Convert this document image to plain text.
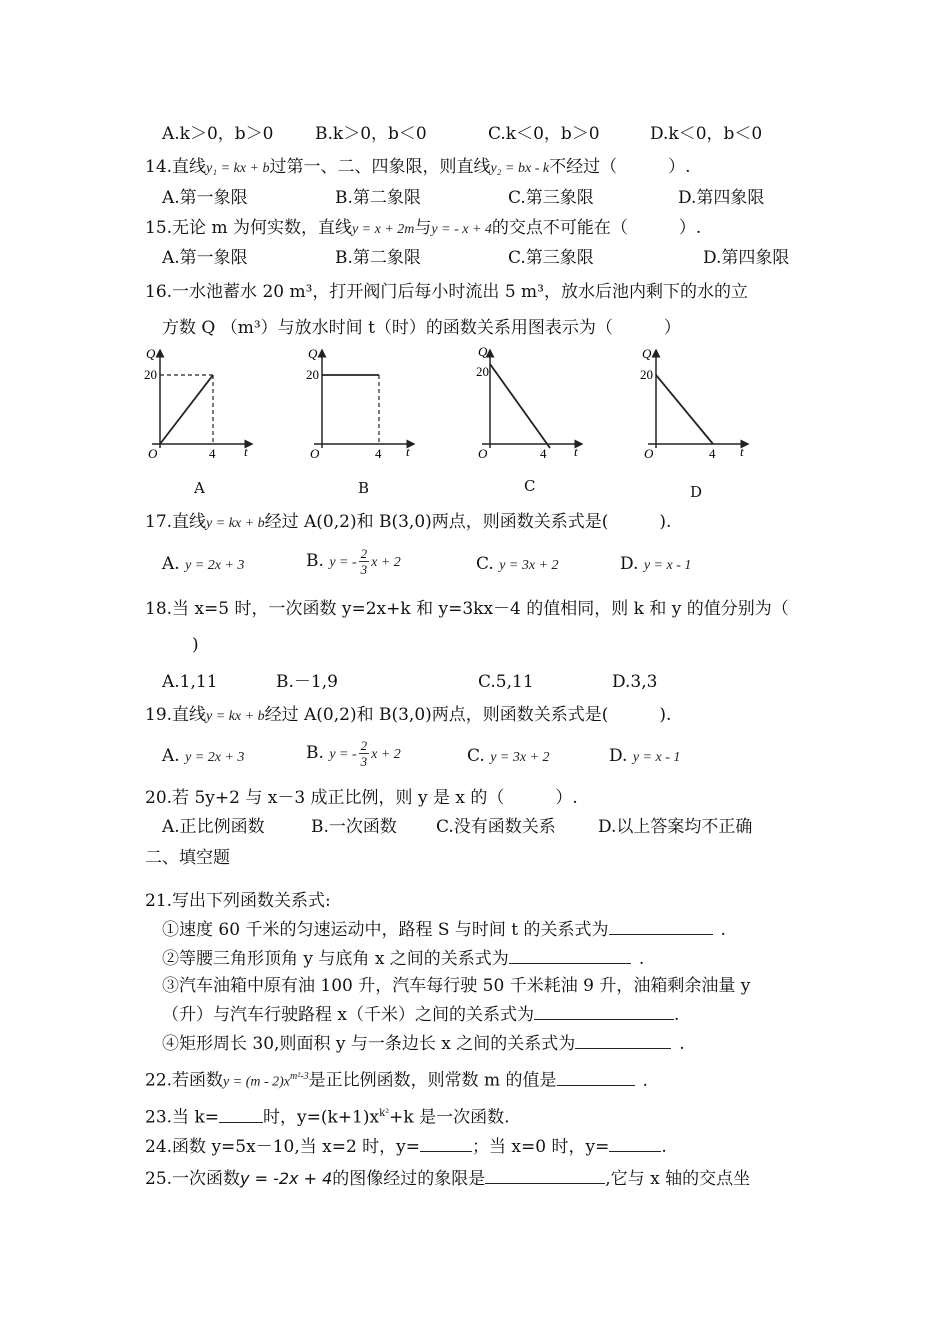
A.k＞0，b＞0 B.k＞0，b＜0	C.k＜0，b＞0	D.k＜0，b＜0
14.直线y₁ = kx + b过第一、二、四象限，则直线y₂ = bx - k不经过（　　　）.
A.第一象限	B.第二象限	C.第三象限	D.第四象限
15.无论 m 为何实数，直线y = x + 2m与y = - x + 4的交点不可能在（　　　）.
A.第一象限	B.第二象限	C.第三象限	D.第四象限
16.一水池蓄水 20 m³，打开阀门后每小时流出 5 m³，放水后池内剩下的水的立
方数 Q （m³）与放水时间 t（时）的函数关系用图表示为（　　　）
Q
20
O	4 t
A
Q
20
O	4 t
B
Q
20
O	4 t
C
Q
20
O	4 t
D
17.直线y = kx + b经过 A(0,2)和 B(3,0)两点，则函数关系式是(　　　).
A. y = 2x + 3	B. y = - $\frac{2}{3}$ x + 2	C. y = 3x + 2	D. y = x - 1
18.当 x=5 时，一次函数 y=2x+k 和 y=3kx－4 的值相同，则 k 和 y 的值分别为（
)
A.1,11	B.－1,9	C.5,11	D.3,3
19.直线y = kx + b经过 A(0,2)和 B(3,0)两点，则函数关系式是(　　　).
A. y = 2x + 3	B. y = - $\frac{2}{3}$ x + 2	C. y = 3x + 2	D. y = x - 1
20.若 5y+2 与 x－3 成正比例，则 y 是 x 的（　　　）.
A.正比例函数	B.一次函数 C.没有函数关系 D.以上答案均不正确
二、填空题
21.写出下列函数关系式:
①速度 60 千米的匀速运动中，路程 S 与时间 t 的关系式为	.
②等腰三角形顶角 y 与底角 x 之间的关系式为	.
③汽车油箱中原有油 100 升，汽车每行驶 50 千米耗油 9 升，油箱剩余油量 y
（升）与汽车行驶路程 x（千米）之间的关系式为	.
④矩形周长 30,则面积 y 与一条边长 x 之间的关系式为	.
22.若函数$y = (m - 2)x^{m^2-3}$是正比例函数，则常数 m 的值是	.
23.当 k=	时，$y=(k+1)x^{k^2}+k$ 是一次函数.
24.函数 y=5x－10,当 x=2 时，y=	；当 x=0 时，y=	.
25.一次函数y = -2x + 4的图像经过的象限是	,它与 x 轴的交点坐
